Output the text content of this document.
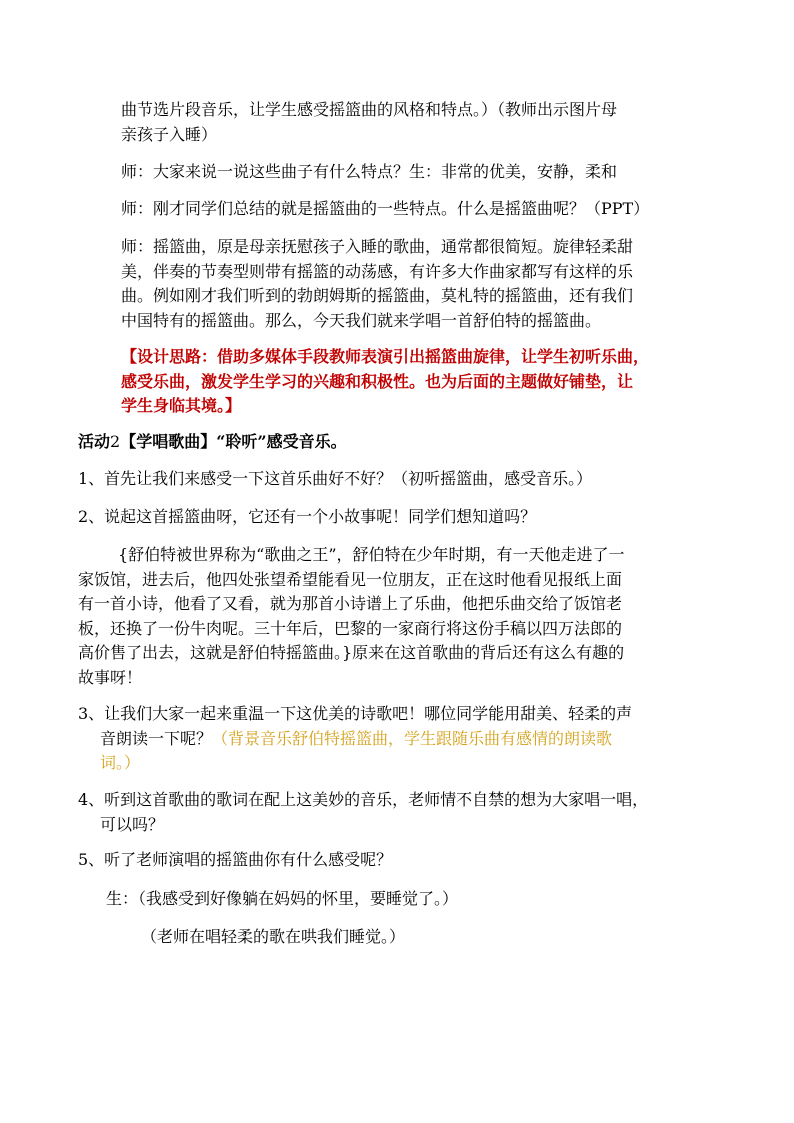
曲节选片段音乐，让学生感受摇篮曲的风格和特点。）（教师出示图片母
亲孩子入睡）

师：大家来说一说这些曲子有什么特点？生：非常的优美，安静，柔和

师：刚才同学们总结的就是摇篮曲的一些特点。什么是摇篮曲呢？（PPT）

师：摇篮曲，原是母亲抚慰孩子入睡的歌曲，通常都很简短。旋律轻柔甜
美，伴奏的节奏型则带有摇篮的动荡感，有许多大作曲家都写有这样的乐
曲。例如刚才我们听到的勃朗姆斯的摇篮曲，莫札特的摇篮曲，还有我们
中国特有的摇篮曲。那么，今天我们就来学唱一首舒伯特的摇篮曲。
【设计思路：借助多媒体手段教师表演引出摇篮曲旋律，让学生初听乐曲，
感受乐曲，激发学生学习的兴趣和积极性。也为后面的主题做好铺垫，让
学生身临其境。】

活动2【学唱歌曲】“聆听”感受音乐。

1、首先让我们来感受一下这首乐曲好不好？（初听摇篮曲，感受音乐。）

2、说起这首摇篮曲呀，它还有一个小故事呢！同学们想知道吗？

{舒伯特被世界称为“歌曲之王”，舒伯特在少年时期，有一天他走进了一
家饭馆，进去后，他四处张望希望能看见一位朋友，正在这时他看见报纸上面
有一首小诗，他看了又看，就为那首小诗谱上了乐曲，他把乐曲交给了饭馆老
板，还换了一份牛肉呢。三十年后，巴黎的一家商行将这份手稿以四万法郎的
高价售了出去，这就是舒伯特摇篮曲。}原来在这首歌曲的背后还有这么有趣的
故事呀！
3、让我们大家一起来重温一下这优美的诗歌吧！哪位同学能用甜美、轻柔的声
音朗读一下呢？（背景音乐舒伯特摇篮曲，学生跟随乐曲有感情的朗读歌
词。）
4、听到这首歌曲的歌词在配上这美妙的音乐，老师情不自禁的想为大家唱一唱，
可以吗？

5、听了老师演唱的摇篮曲你有什么感受呢？

生：（我感受到好像躺在妈妈的怀里，要睡觉了。）

（老师在唱轻柔的歌在哄我们睡觉。）
